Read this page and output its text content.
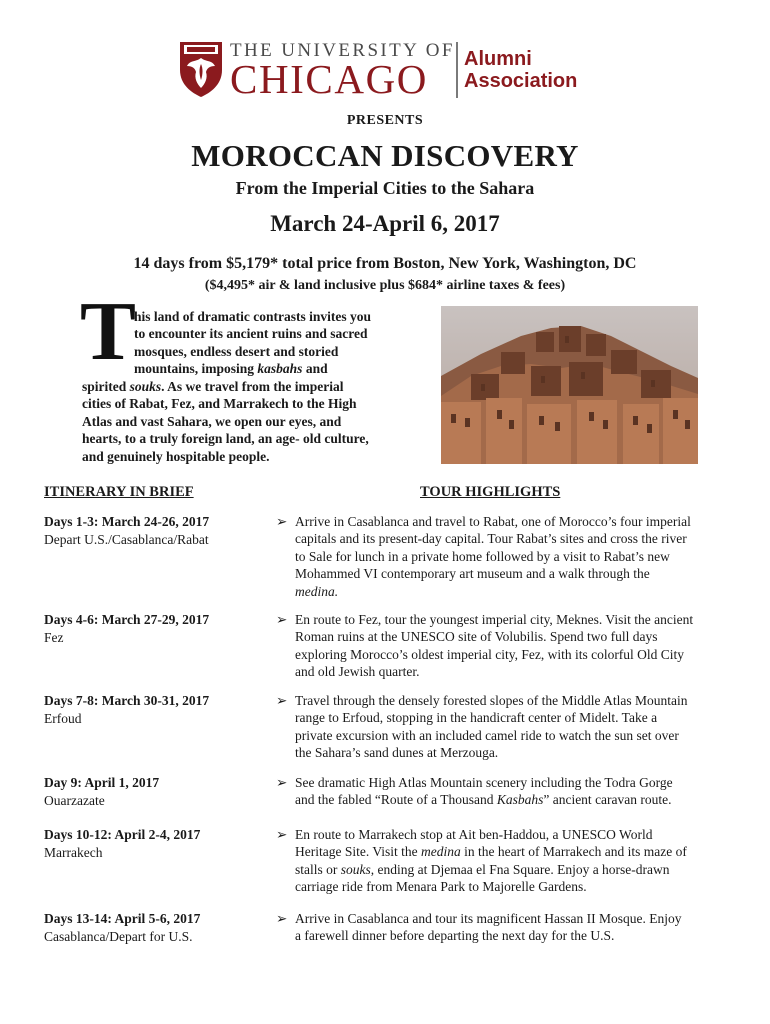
THE UNIVERSITY OF
CHICAGO Alumni
Association
PRESENTS
MOROCCAN DISCOVERY
From the Imperial Cities to the Sahara
March 24-April 6, 2017
14 days from $5,179* total price from Boston, New York, Washington, DC
($4,495* air & land inclusive plus $684* airline taxes & fees)
T
his land of dramatic contrasts invites you
to encounter its ancient ruins and sacred
mosques, endless desert and storied
mountains, imposing kasbahs and
spirited souks. As we travel from the imperial
cities of Rabat, Fez, and Marrakech to the High
Atlas and vast Sahara, we open our eyes, and
hearts, to a truly foreign land, an age- old culture,
and genuinely hospitable people.
ITINERARY IN BRIEF	TOUR HIGHLIGHTS
Days 1-3: March 24-26, 2017
Depart U.S./Casablanca/Rabat
Days 4-6: March 27-29, 2017
Fez
Days 7-8: March 30-31, 2017
Erfoud
Day 9: April 1, 2017
Ouarzazate
Days 10-12: April 2-4, 2017
Marrakech
Days 13-14: April 5-6, 2017
Casablanca/Depart for U.S.
➢ Arrive in Casablanca and travel to Rabat, one of Morocco’s four imperial
capitals and its present-day capital. Tour Rabat’s sites and cross the river
to Sale for lunch in a private home followed by a visit to Rabat’s new
Mohammed VI contemporary art museum and a walk through the
medina.
➢ En route to Fez, tour the youngest imperial city, Meknes. Visit the ancient
Roman ruins at the UNESCO site of Volubilis. Spend two full days
exploring Morocco’s oldest imperial city, Fez, with its colorful Old City
and old Jewish quarter.
➢ Travel through the densely forested slopes of the Middle Atlas Mountain
range to Erfoud, stopping in the handicraft center of Midelt. Take a
private excursion with an included camel ride to watch the sun set over
the Sahara’s sand dunes at Merzouga.
➢ See dramatic High Atlas Mountain scenery including the Todra Gorge
and the fabled “Route of a Thousand Kasbahs” ancient caravan route.
➢ En route to Marrakech stop at Ait ben-Haddou, a UNESCO World
Heritage Site. Visit the medina in the heart of Marrakech and its maze of
stalls or souks, ending at Djemaa el Fna Square. Enjoy a horse-drawn
carriage ride from Menara Park to Majorelle Gardens.
➢ Arrive in Casablanca and tour its magnificent Hassan II Mosque. Enjoy
a farewell dinner before departing the next day for the U.S.
